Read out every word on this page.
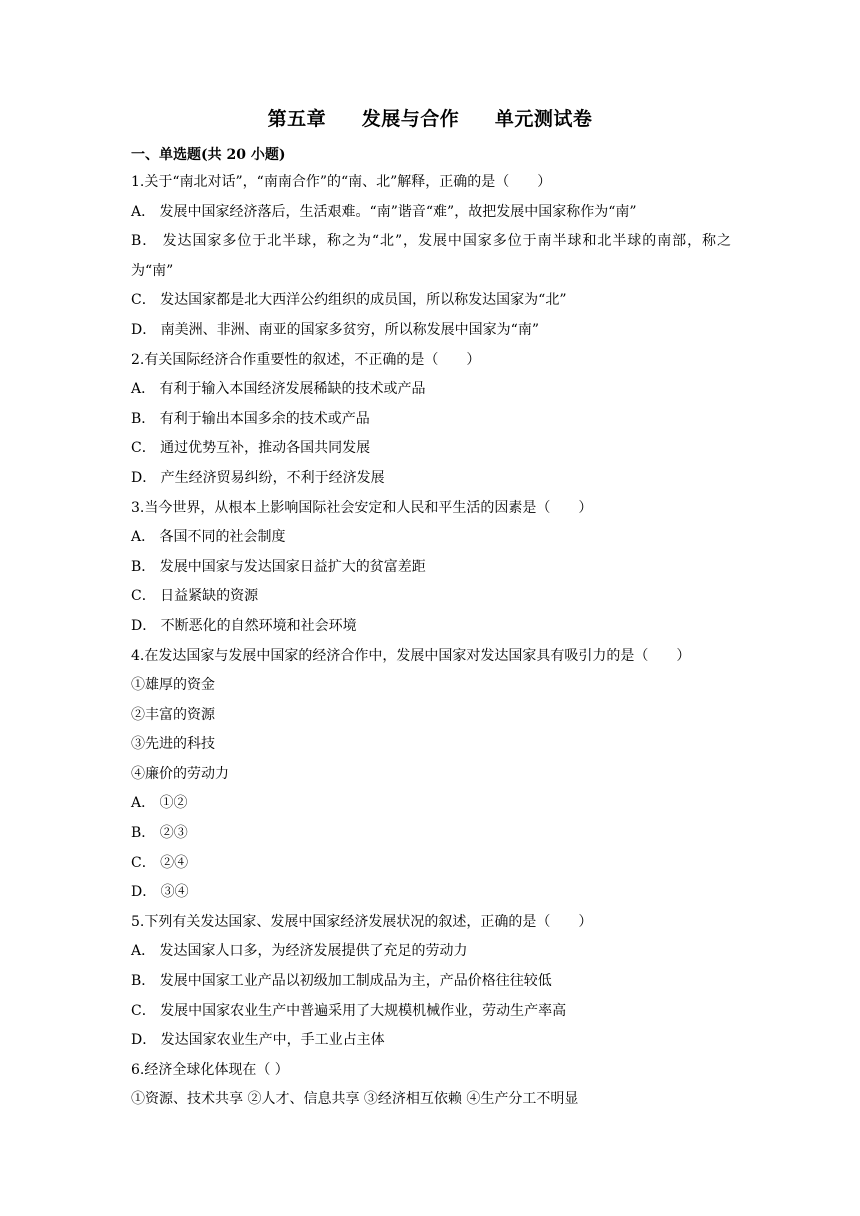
第五章     发展与合作     单元测试卷
一、单选题(共 20 小题)

1.关于“南北对话”，“南南合作”的“南、北”解释，正确的是（　　）

A． 发展中国家经济落后，生活艰难。“南”谐音“难”，故把发展中国家称作为“南”

B． 发达国家多位于北半球，称之为“北”，发展中国家多位于南半球和北半球的南部，称之为“南”

C． 发达国家都是北大西洋公约组织的成员国，所以称发达国家为“北”

D． 南美洲、非洲、南亚的国家多贫穷，所以称发展中国家为“南”

2.有关国际经济合作重要性的叙述，不正确的是（　　）

A． 有利于输入本国经济发展稀缺的技术或产品

B． 有利于输出本国多余的技术或产品

C． 通过优势互补，推动各国共同发展

D． 产生经济贸易纠纷，不利于经济发展

3.当今世界，从根本上影响国际社会安定和人民和平生活的因素是（　　）

A． 各国不同的社会制度

B． 发展中国家与发达国家日益扩大的贫富差距

C． 日益紧缺的资源

D． 不断恶化的自然环境和社会环境

4.在发达国家与发展中国家的经济合作中，发展中国家对发达国家具有吸引力的是（　　）

①雄厚的资金

②丰富的资源

③先进的科技

④廉价的劳动力

A． ①②

B． ②③

C． ②④

D． ③④

5.下列有关发达国家、发展中国家经济发展状况的叙述，正确的是（　　）

A． 发达国家人口多，为经济发展提供了充足的劳动力

B． 发展中国家工业产品以初级加工制成品为主，产品价格往往较低

C． 发展中国家农业生产中普遍采用了大规模机械作业，劳动生产率高

D． 发达国家农业生产中，手工业占主体

6.经济全球化体现在（ ）

①资源、技术共享 ②人才、信息共享 ③经济相互依赖 ④生产分工不明显
